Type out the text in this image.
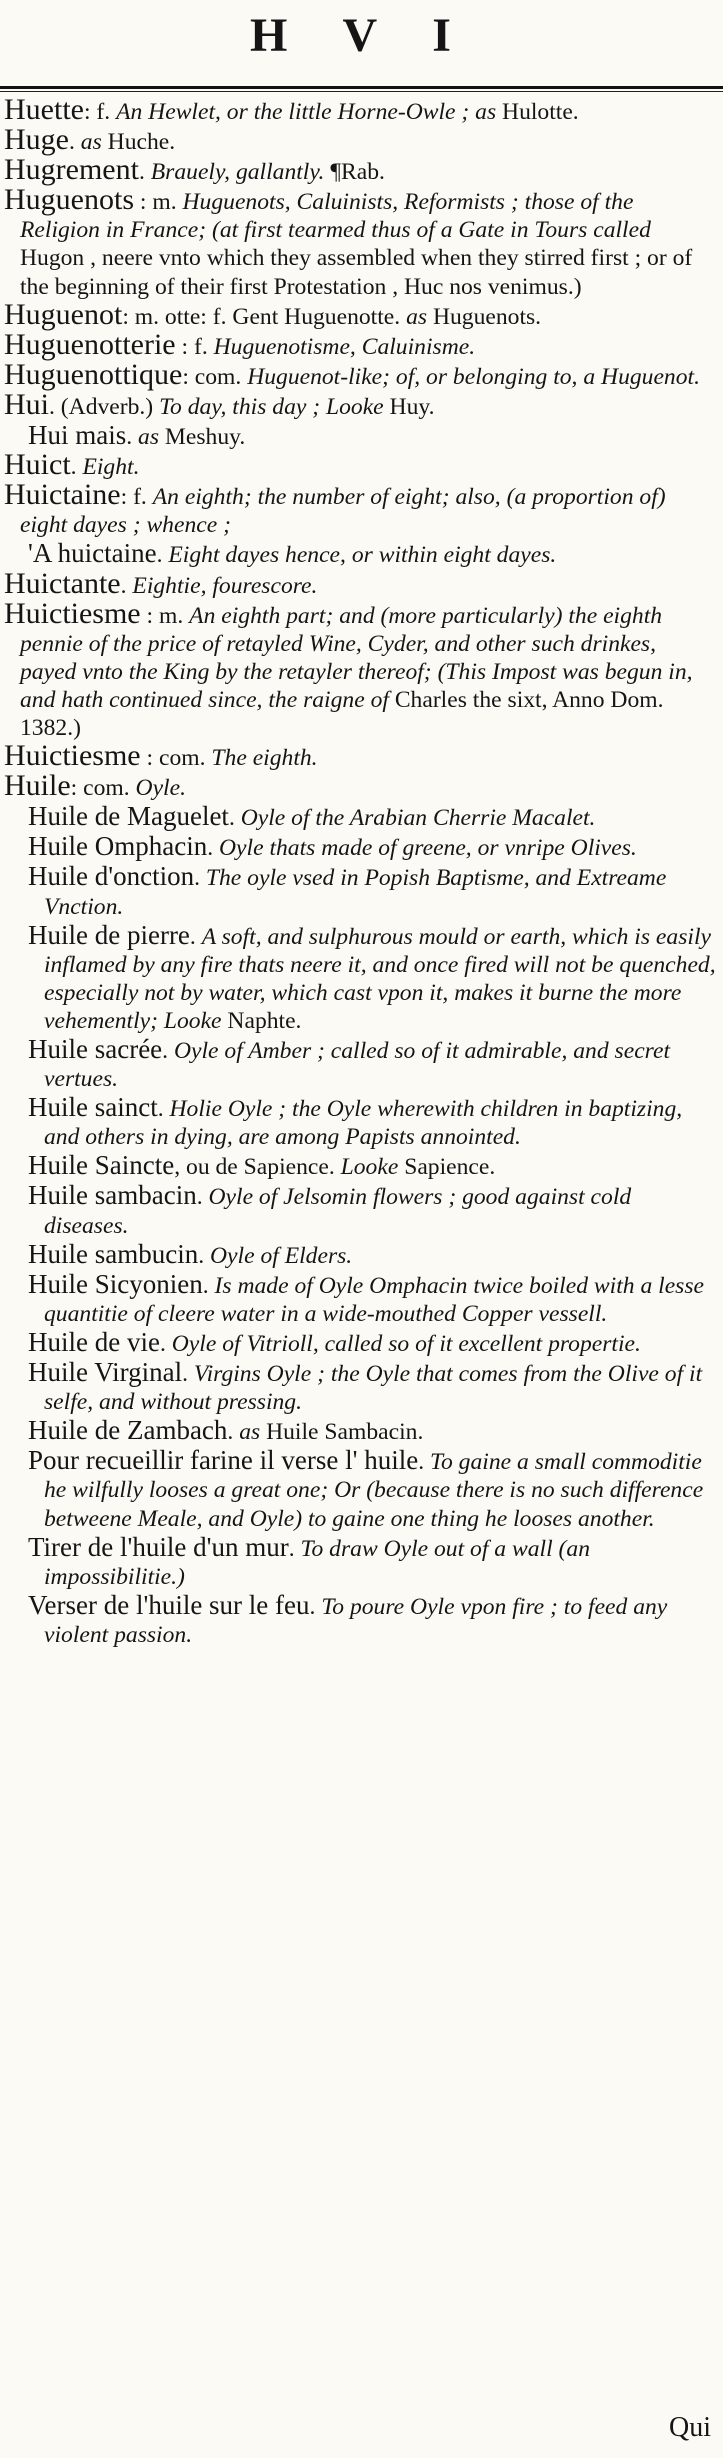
H V I

Huette: f. An Hewlet, or the little Horne-Owle ; as Hulotte.

Huge. as Huche.

Hugrement. Brauely, gallantly. ¶Rab.

Huguenots : m. Huguenots, Caluinists, Reformists ; those of the Religion in France; (at first tearmed thus of a Gate in Tours called Hugon , neere vnto which they assembled when they stirred first ; or of the beginning of their first Protestation , Huc nos venimus.)

Huguenot: m. otte: f. Gent Huguenotte. as Huguenots.

Huguenotterie : f. Huguenotisme, Caluinisme.

Huguenottique: com. Huguenot-like; of, or belonging to, a Huguenot.

Hui. (Adverb.) To day, this day ; Looke Huy.

Hui mais. as Meshuy.

Huict. Eight.

Huictaine: f. An eighth; the number of eight; also, (a proportion of) eight dayes ; whence ;

'A huictaine. Eight dayes hence, or within eight dayes.

Huictante. Eightie, fourescore.

Huictiesme : m. An eighth part; and (more particularly) the eighth pennie of the price of retayled Wine, Cyder, and other such drinkes, payed vnto the King by the retayler thereof; (This Impost was begun in, and hath continued since, the raigne of Charles the sixt, Anno Dom. 1382.)

Huictiesme : com. The eighth.

Huile: com. Oyle.

Huile de Maguelet. Oyle of the Arabian Cherrie Macalet.

Huile Omphacin. Oyle thats made of greene, or vnripe Olives.

Huile d'onction. The oyle vsed in Popish Baptisme, and Extreame Vnction.

Huile de pierre. A soft, and sulphurous mould or earth, which is easily inflamed by any fire thats neere it, and once fired will not be quenched, especially not by water, which cast vpon it, makes it burne the more vehemently; Looke Naphte.

Huile sacrée. Oyle of Amber ; called so of it admirable, and secret vertues.

Huile sainct. Holie Oyle ; the Oyle wherewith children in baptizing, and others in dying, are among Papists annointed.

Huile Saincte, ou de Sapience. Looke Sapience.

Huile sambacin. Oyle of Jelsomin flowers ; good against cold diseases.

Huile sambucin. Oyle of Elders.

Huile Sicyonien. Is made of Oyle Omphacin twice boiled with a lesse quantitie of cleere water in a wide-mouthed Copper vessell.

Huile de vie. Oyle of Vitrioll, called so of it excellent propertie.

Huile Virginal. Virgins Oyle ; the Oyle that comes from the Olive of it selfe, and without pressing.

Huile de Zambach. as Huile Sambacin.

Pour recueillir farine il verse l' huile. To gaine a small commoditie he wilfully looses a great one; Or (because there is no such difference betweene Meale, and Oyle) to gaine one thing he looses another.

Tirer de l'huile d'un mur. To draw Oyle out of a wall (an impossibilitie.)

Verser de l'huile sur le feu. To poure Oyle vpon fire ; to feed any violent passion.

Qui
